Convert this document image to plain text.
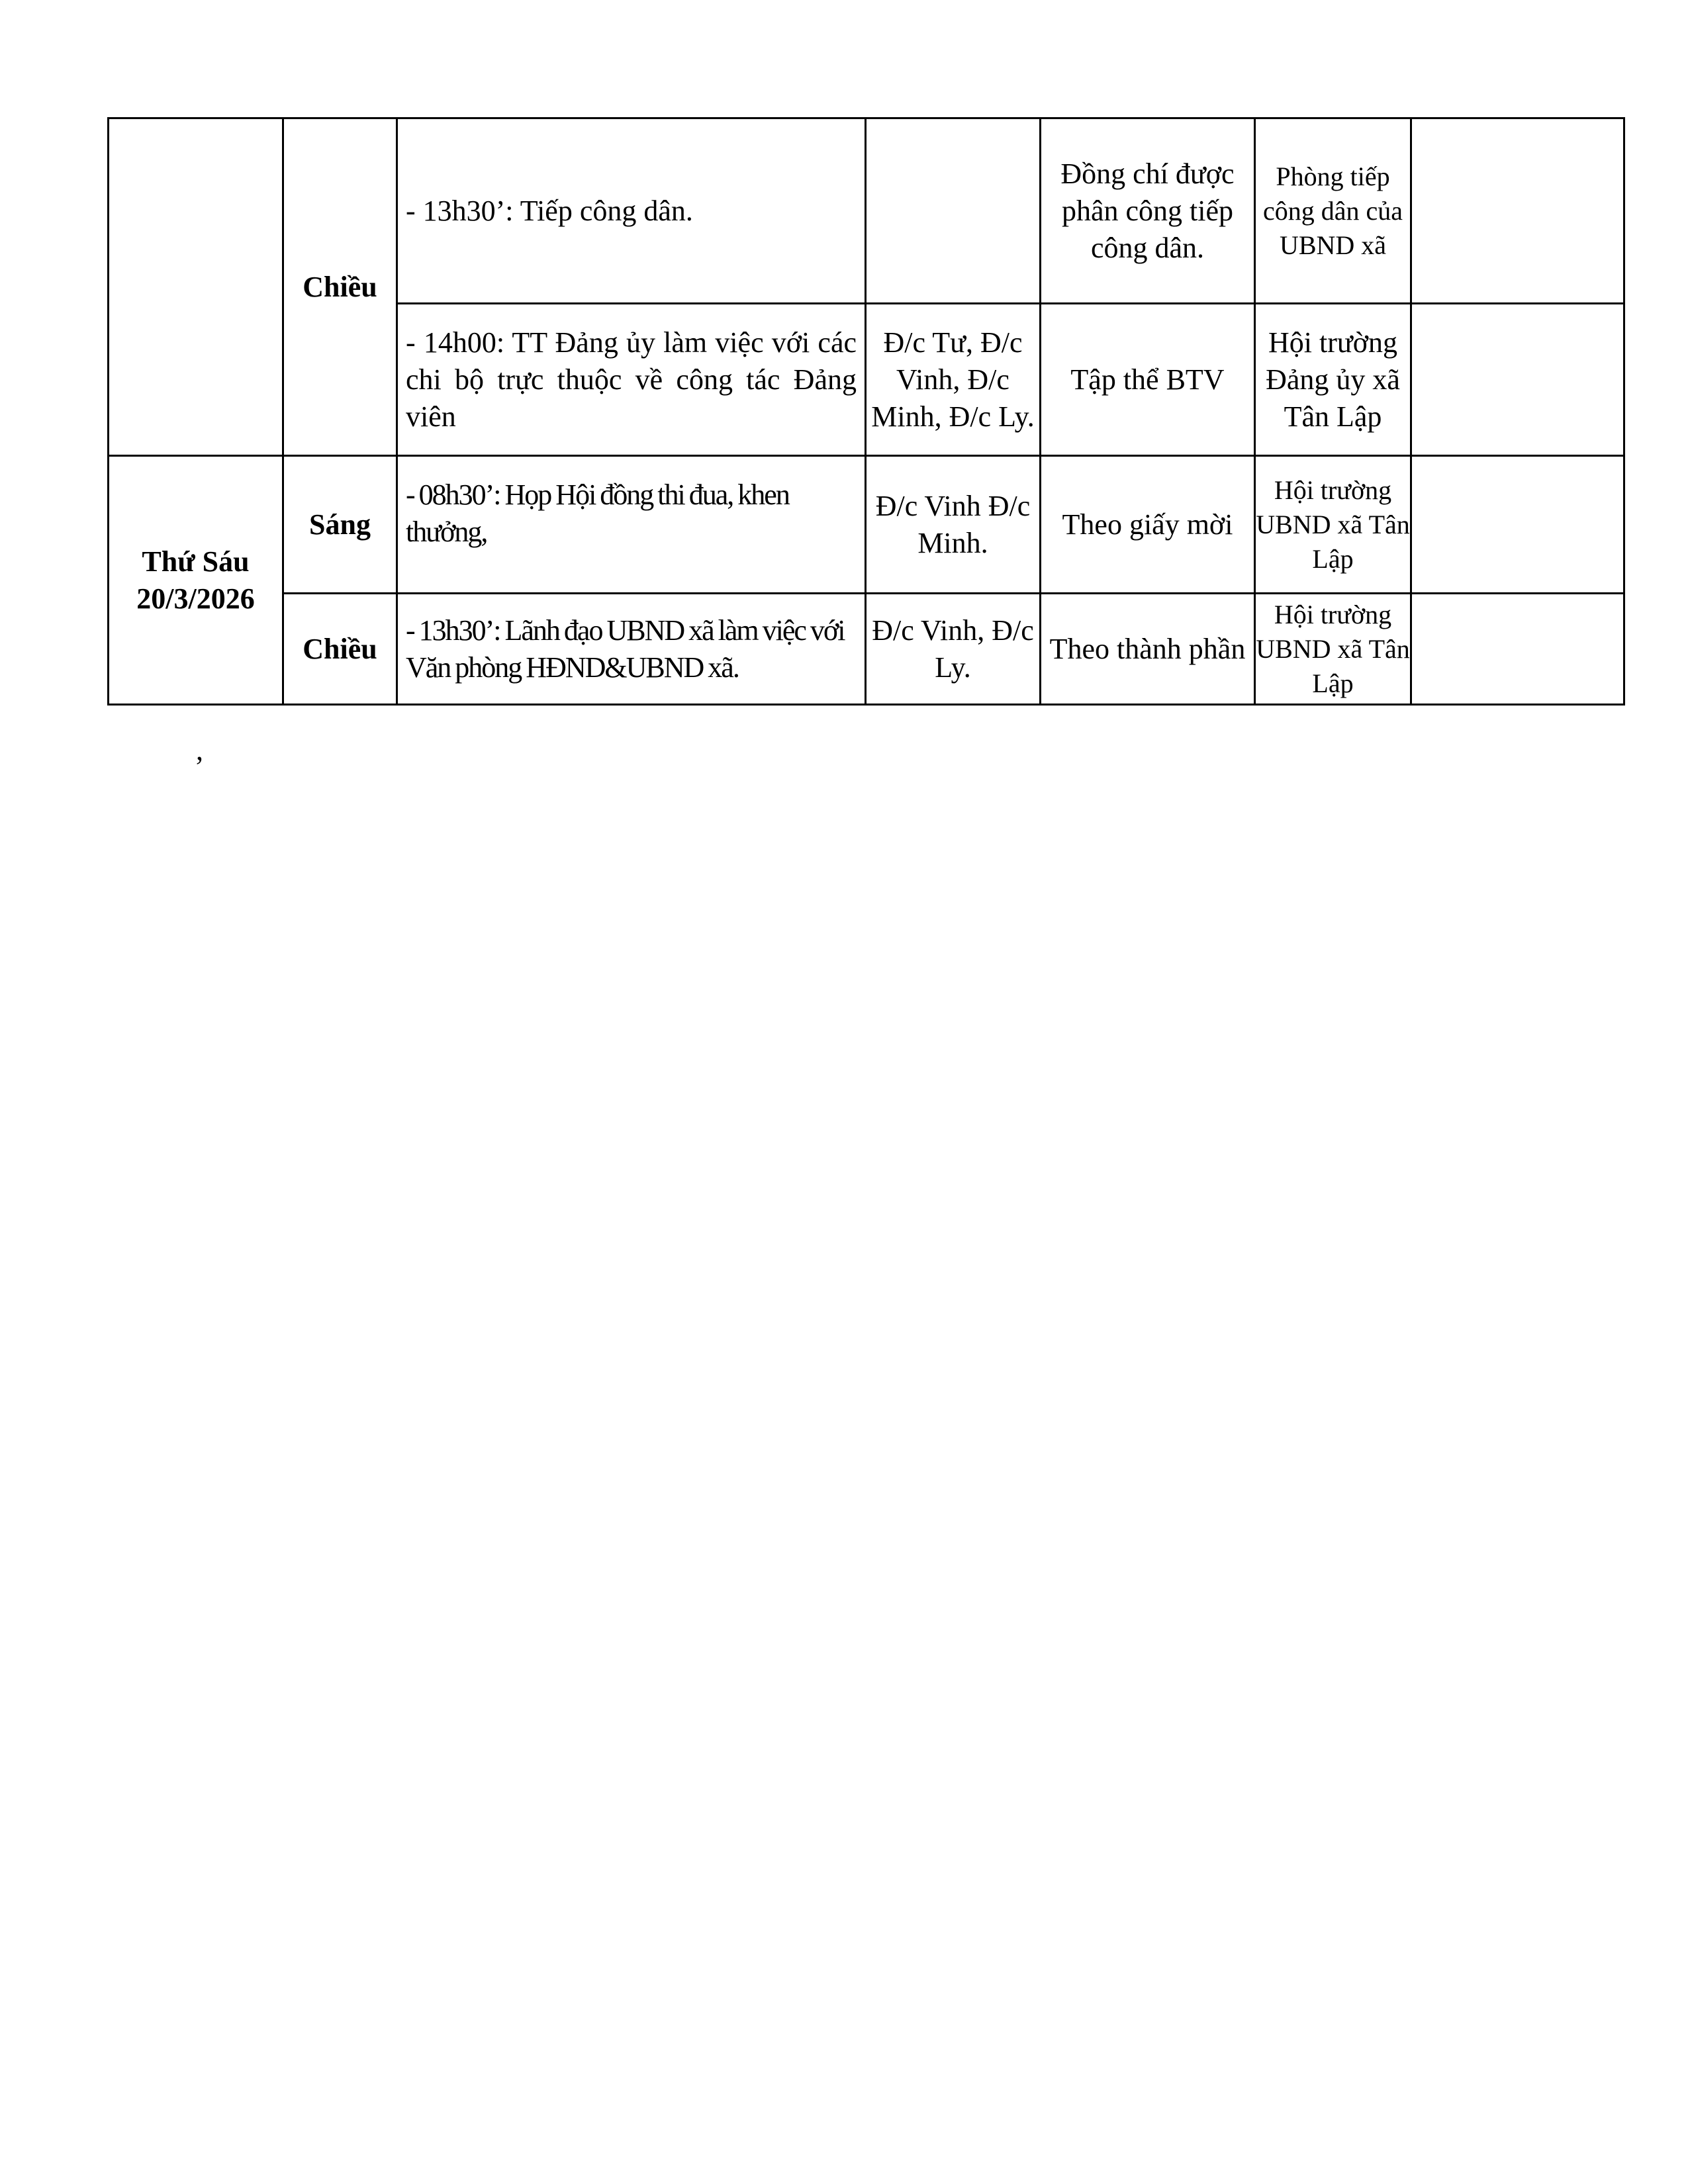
	Chiều	- 13h30’: Tiếp công dân.		Đồng chí được phân công tiếp công dân.	Phòng tiếp công dân của UBND xã	
		- 14h00: TT Đảng ủy làm việc với các chi bộ trực thuộc về công tác Đảng viên	Đ/c Tư, Đ/c Vinh, Đ/c Minh, Đ/c Ly.	Tập thể BTV	Hội trường Đảng ủy xã Tân Lập	
Thứ Sáu 20/3/2026	Sáng	- 08h30’: Họp Hội đồng thi đua, khen thưởng,	Đ/c Vinh Đ/c Minh.	Theo giấy mời	Hội trường UBND xã Tân Lập	
	Chiều	- 13h30’: Lãnh đạo UBND xã làm việc với Văn phòng HĐND&UBND xã.	Đ/c Vinh, Đ/c Ly.	Theo thành phần	Hội trường UBND xã Tân Lập	
,
